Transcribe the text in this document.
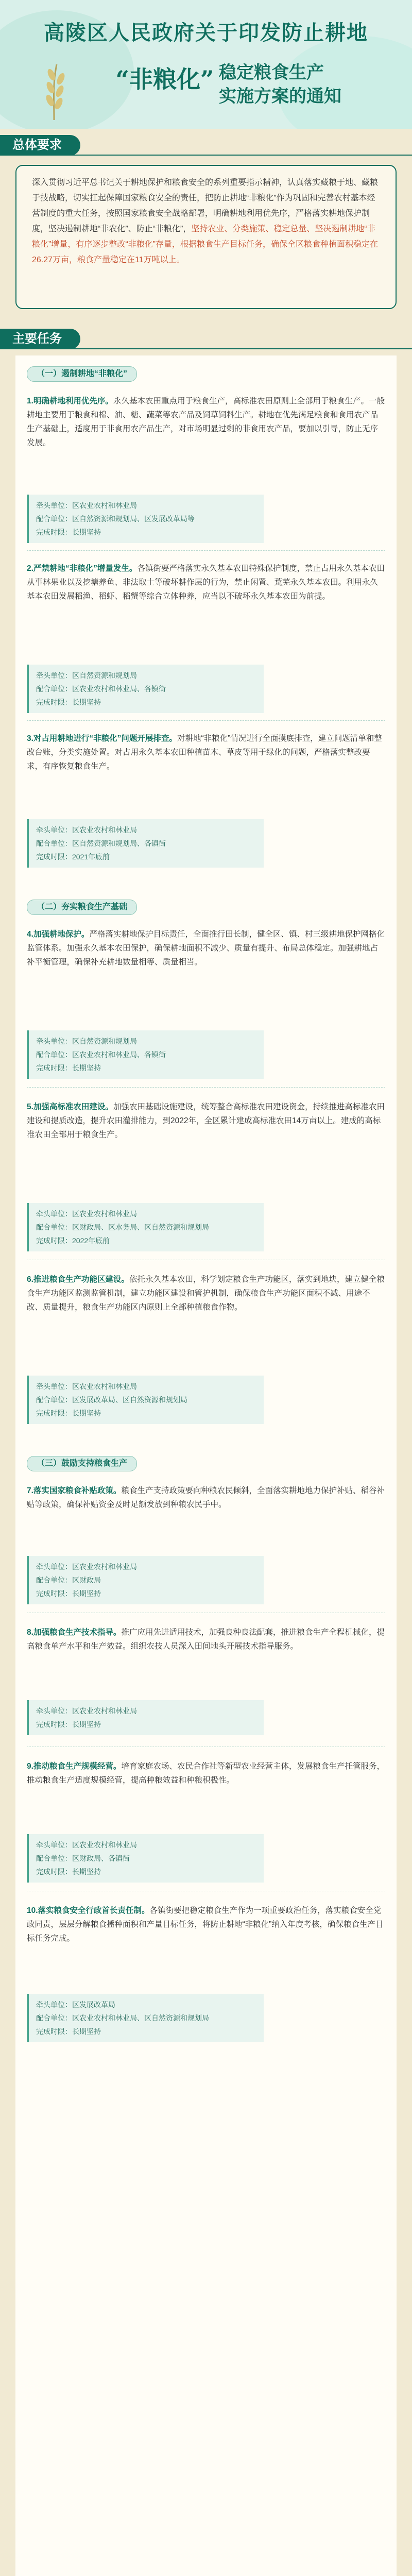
高陵区人民政府关于印发防止耕地
“非粮化” 稳定粮食生产
实施方案的通知
总体要求
深入贯彻习近平总书记关于耕地保护和粮食安全的系列重要指示精神，认真落实藏粮于地、藏粮于技战略，切实扛起保障国家粮食安全的责任，把防止耕地“非粮化”作为巩固和完善农村基本经营制度的重大任务，按照国家粮食安全战略部署，明确耕地利用优先序，严格落实耕地保护制度，坚决遏制耕地“非农化”、防止“非粮化”，坚持农业、分类施策、稳定总量、坚决遏制耕地“非粮化”增量，有序逐步整改“非粮化”存量，根据粮食生产目标任务，确保全区粮食种植面积稳定在26.27万亩，粮食产量稳定在11万吨以上。
主要任务
（一）遏制耕地“非粮化”
1.明确耕地利用优先序。永久基本农田重点用于粮食生产，高标准农田原则上全部用于粮食生产。一般耕地主要用于粮食和棉、油、糖、蔬菜等农产品及饲草饲料生产。耕地在优先满足粮食和食用农产品生产基础上，适度用于非食用农产品生产，对市场明显过剩的非食用农产品，要加以引导，防止无序发展。
牵头单位：区农业农村和林业局
配合单位：区自然资源和规划局、区发展改革局等
完成时限：长期坚持
2.严禁耕地“非粮化”增量发生。各镇街要严格落实永久基本农田特殊保护制度，禁止占用永久基本农田从事林果业以及挖塘养鱼、非法取土等破坏耕作层的行为，禁止闲置、荒芜永久基本农田。利用永久基本农田发展稻渔、稻虾、稻蟹等综合立体种养，应当以不破坏永久基本农田为前提。
牵头单位：区自然资源和规划局
配合单位：区农业农村和林业局、各镇街
完成时限：长期坚持
3.对占用耕地进行“非粮化”问题开展排查。对耕地“非粮化”情况进行全面摸底排查，建立问题清单和整改台账，分类实施处置。对占用永久基本农田种植苗木、草皮等用于绿化的问题，严格落实整改要求，有序恢复粮食生产。
牵头单位：区农业农村和林业局
配合单位：区自然资源和规划局、各镇街
完成时限：2021年底前
（二）夯实粮食生产基础
4.加强耕地保护。严格落实耕地保护目标责任，全面推行田长制，健全区、镇、村三级耕地保护网格化监管体系。加强永久基本农田保护，确保耕地面积不减少、质量有提升、布局总体稳定。加强耕地占补平衡管理，确保补充耕地数量相等、质量相当。
牵头单位：区自然资源和规划局
配合单位：区农业农村和林业局、各镇街
完成时限：长期坚持
5.加强高标准农田建设。加强农田基础设施建设，统筹整合高标准农田建设资金，持续推进高标准农田建设和提质改造，提升农田灌排能力，到2022年，全区累计建成高标准农田14万亩以上。建成的高标准农田全部用于粮食生产。
牵头单位：区农业农村和林业局
配合单位：区财政局、区水务局、区自然资源和规划局
完成时限：2022年底前
6.推进粮食生产功能区建设。依托永久基本农田，科学划定粮食生产功能区，落实到地块，建立健全粮食生产功能区监测监管机制，建立功能区建设和管护机制，确保粮食生产功能区面积不减、用途不改、质量提升，粮食生产功能区内原则上全部种植粮食作物。
牵头单位：区农业农村和林业局
配合单位：区发展改革局、区自然资源和规划局
完成时限：长期坚持
（三）鼓励支持粮食生产
7.落实国家粮食补贴政策。粮食生产支持政策要向种粮农民倾斜，全面落实耕地地力保护补贴、稻谷补贴等政策，确保补贴资金及时足额发放到种粮农民手中。
牵头单位：区农业农村和林业局
配合单位：区财政局
完成时限：长期坚持
8.加强粮食生产技术指导。推广应用先进适用技术，加强良种良法配套，推进粮食生产全程机械化，提高粮食单产水平和生产效益。组织农技人员深入田间地头开展技术指导服务。
牵头单位：区农业农村和林业局
完成时限：长期坚持
9.推动粮食生产规模经营。培育家庭农场、农民合作社等新型农业经营主体，发展粮食生产托管服务，推动粮食生产适度规模经营，提高种粮效益和种粮积极性。
牵头单位：区农业农村和林业局
配合单位：区财政局、各镇街
完成时限：长期坚持
10.落实粮食安全行政首长责任制。各镇街要把稳定粮食生产作为一项重要政治任务，落实粮食安全党政同责，层层分解粮食播种面积和产量目标任务，将防止耕地“非粮化”纳入年度考核，确保粮食生产目标任务完成。
牵头单位：区发展改革局
配合单位：区农业农村和林业局、区自然资源和规划局
完成时限：长期坚持
